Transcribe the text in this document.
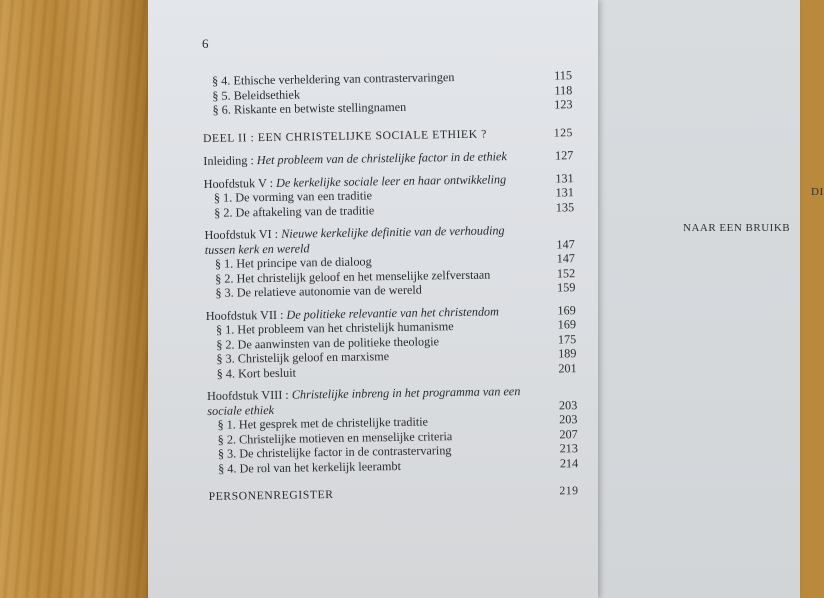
DI
NAAR EEN BRUIKB
6
§ 4. Ethische verheldering van contrastervaringen	115
§ 5. Beleidsethiek	118
§ 6. Riskante en betwiste stellingnamen	123
DEEL II : EEN CHRISTELIJKE SOCIALE ETHIEK ?	125
Inleiding : Het probleem van de christelijke factor in de ethiek	127
Hoofdstuk V : De kerkelijke sociale leer en haar ontwikkeling	131
§ 1. De vorming van een traditie	131
§ 2. De aftakeling van de traditie	135
Hoofdstuk VI : Nieuwe kerkelijke definitie van de verhouding tussen kerk en wereld	147
§ 1. Het principe van de dialoog	147
§ 2. Het christelijk geloof en het menselijke zelfverstaan	152
§ 3. De relatieve autonomie van de wereld	159
Hoofdstuk VII : De politieke relevantie van het christendom	169
§ 1. Het probleem van het christelijk humanisme	169
§ 2. De aanwinsten van de politieke theologie	175
§ 3. Christelijk geloof en marxisme	189
§ 4. Kort besluit	201
Hoofdstuk VIII : Christelijke inbreng in het programma van een sociale ethiek	203
§ 1. Het gesprek met de christelijke traditie	203
§ 2. Christelijke motieven en menselijke criteria	207
§ 3. De christelijke factor in de contrastervaring	213
§ 4. De rol van het kerkelijk leerambt	214
PERSONENREGISTER	219
